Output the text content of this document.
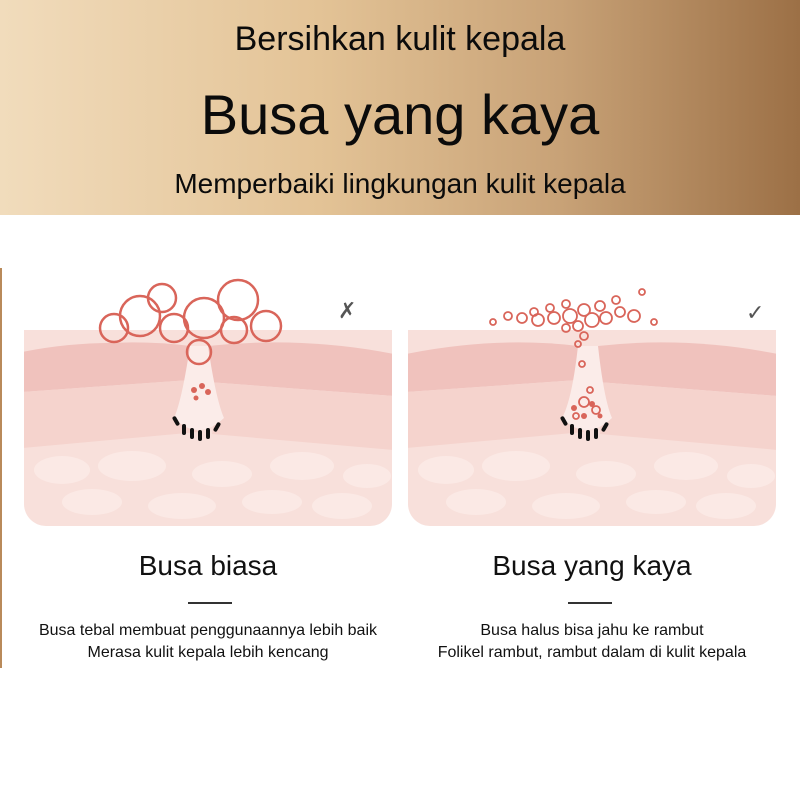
Bersihkan kulit kepala
Busa yang kaya
Memperbaiki lingkungan kulit kepala
✗	✓
Busa biasa
Busa tebal membuat penggunaannya lebih baik
Merasa kulit kepala lebih kencang
Busa yang kaya
Busa halus bisa jahu ke rambut
Folikel rambut, rambut dalam di kulit kepala
